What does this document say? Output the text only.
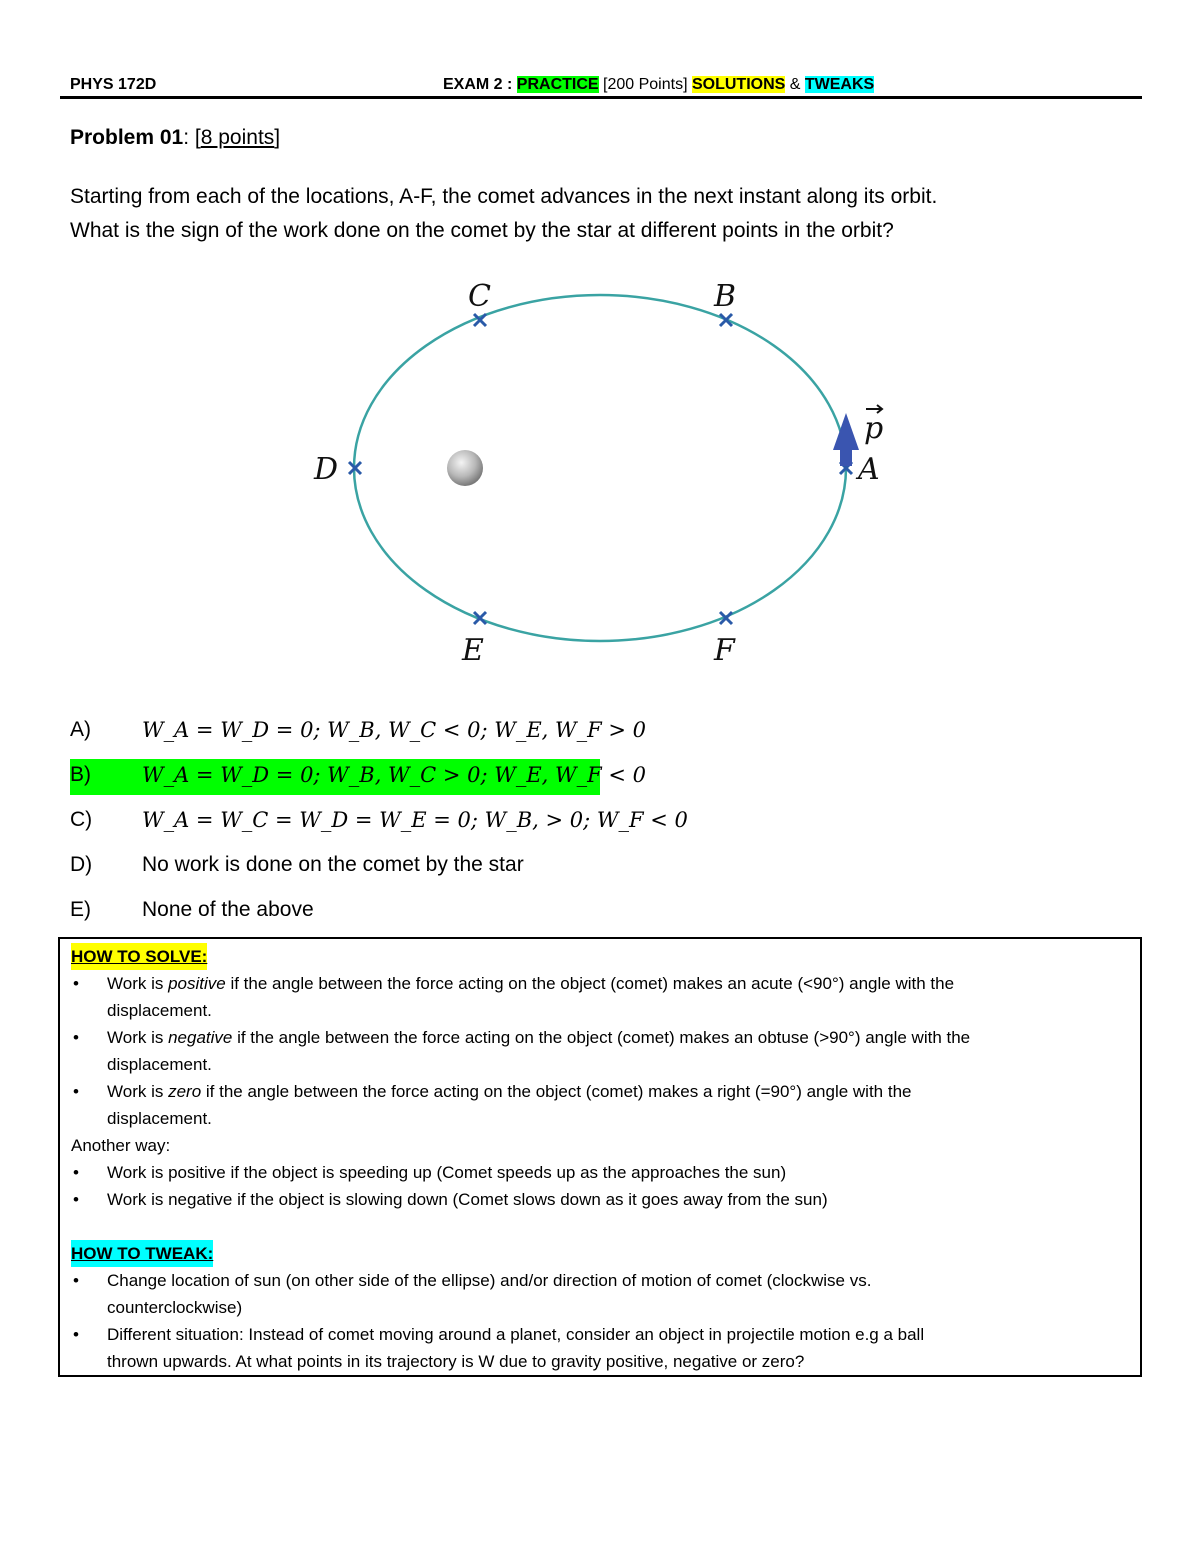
PHYS 172D	EXAM 2 : PRACTICE [200 Points] SOLUTIONS & TWEAKS
Problem 01: [8 points]
Starting from each of the locations, A-F, the comet advances in the next instant along its orbit.
What is the sign of the work done on the comet by the star at different points in the orbit?
C	B
D	A
E	F
p
A) W_A = W_D = 0; W_B, W_C < 0; W_E, W_F > 0
B) W_A = W_D = 0; W_B, W_C > 0; W_E, W_F < 0
C) W_A = W_C = W_D = W_E = 0; W_B, > 0; W_F < 0
D) No work is done on the comet by the star
E) None of the above
HOW TO SOLVE:
• Work is positive if the angle between the force acting on the object (comet) makes an acute (<90°) angle with the
displacement.
• Work is negative if the angle between the force acting on the object (comet) makes an obtuse (>90°) angle with the
displacement.
• Work is zero if the angle between the force acting on the object (comet) makes a right (=90°) angle with the
displacement.
Another way:
• Work is positive if the object is speeding up (Comet speeds up as the approaches the sun)
• Work is negative if the object is slowing down (Comet slows down as it goes away from the sun)
HOW TO TWEAK:
• Change location of sun (on other side of the ellipse) and/or direction of motion of comet (clockwise vs.
counterclockwise)
• Different situation: Instead of comet moving around a planet, consider an object in projectile motion e.g a ball
thrown upwards. At what points in its trajectory is W due to gravity positive, negative or zero?
